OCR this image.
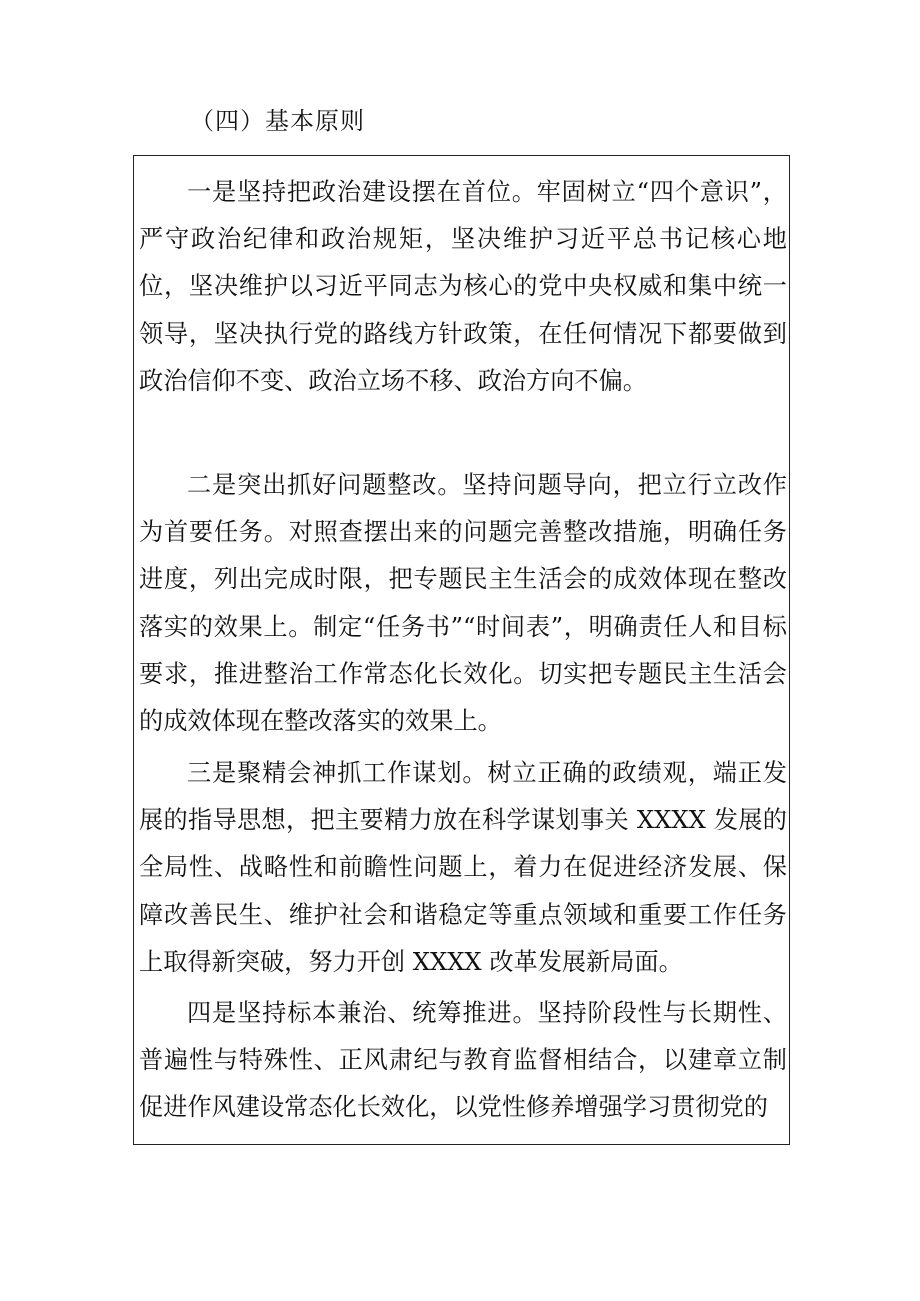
（四）基本原则

一是坚持把政治建设摆在首位。牢固树立“四个意识”，严守政治纪律和政治规矩，坚决维护习近平总书记核心地位，坚决维护以习近平同志为核心的党中央权威和集中统一领导，坚决执行党的路线方针政策，在任何情况下都要做到政治信仰不变、政治立场不移、政治方向不偏。

二是突出抓好问题整改。坚持问题导向，把立行立改作为首要任务。对照查摆出来的问题完善整改措施，明确任务进度，列出完成时限，把专题民主生活会的成效体现在整改落实的效果上。制定“任务书”“时间表”，明确责任人和目标要求，推进整治工作常态化长效化。切实把专题民主生活会的成效体现在整改落实的效果上。

三是聚精会神抓工作谋划。树立正确的政绩观，端正发展的指导思想，把主要精力放在科学谋划事关 XXXX 发展的全局性、战略性和前瞻性问题上，着力在促进经济发展、保障改善民生、维护社会和谐稳定等重点领域和重要工作任务上取得新突破，努力开创 XXXX 改革发展新局面。

四是坚持标本兼治、统筹推进。坚持阶段性与长期性、普遍性与特殊性、正风肃纪与教育监督相结合，以建章立制促进作风建设常态化长效化，以党性修养增强学习贯彻党的
